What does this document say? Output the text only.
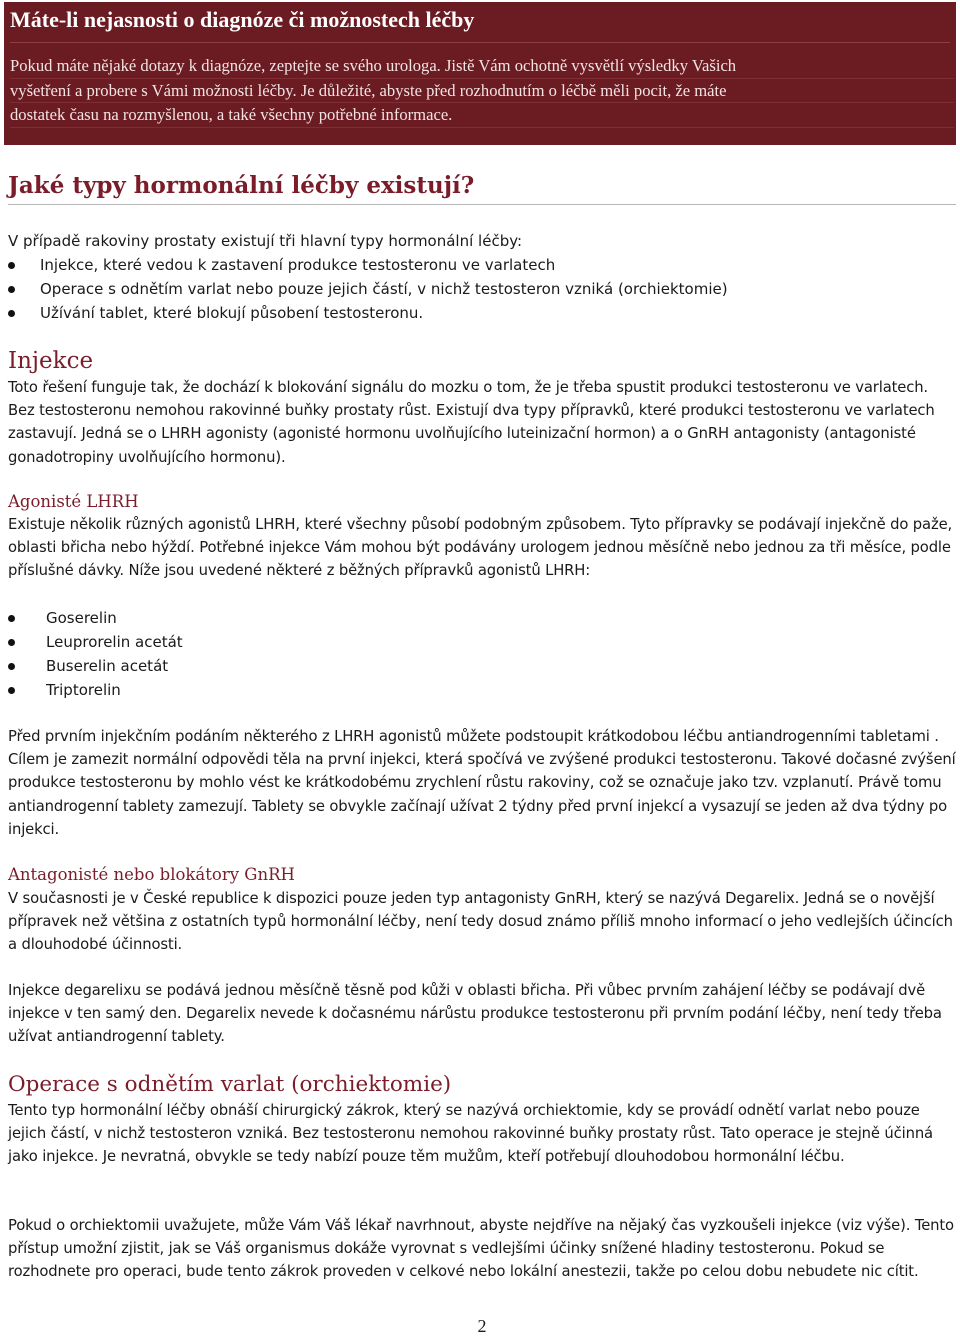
Máte-li nejasnosti o diagnóze či možnostech léčby
Pokud máte nějaké dotazy k diagnóze, zeptejte se svého urologa. Jistě Vám ochotně vysvětlí výsledky Vašich
vyšetření a probere s Vámi možnosti léčby. Je důležité, abyste před rozhodnutím o léčbě měli pocit, že máte
dostatek času na rozmyšlenou, a také všechny potřebné informace.
Jaké typy hormonální léčby existují?

V případě rakoviny prostaty existují tři hlavní typy hormonální léčby:

Injekce, které vedou k zastavení produkce testosteronu ve varlatech
Operace s odnětím varlat nebo pouze jejich částí, v nichž testosteron vzniká (orchiektomie)
Užívání tablet, které blokují působení testosteronu.
Injekce

Toto řešení funguje tak, že dochází k blokování signálu do mozku o tom, že je třeba spustit produkci testosteronu ve varlatech. Bez testosteronu nemohou rakovinné buňky prostaty růst. Existují dva typy přípravků, které produkci testosteronu ve varlatech zastavují. Jedná se o LHRH agonisty (agonisté hormonu uvolňujícího luteinizační hormon) a o GnRH antagonisty (antagonisté gonadotropiny uvolňujícího hormonu).

Agonisté LHRH

Existuje několik různých agonistů LHRH, které všechny působí podobným způsobem. Tyto přípravky se podávají injekčně do paže, oblasti břicha nebo hýždí. Potřebné injekce Vám mohou být podávány urologem jednou měsíčně nebo jednou za tři měsíce, podle příslušné dávky. Níže jsou uvedené některé z běžných přípravků agonistů LHRH:

Goserelin
Leuprorelin acetát
Buserelin acetát
Triptorelin

Před prvním injekčním podáním některého z LHRH agonistů můžete podstoupit krátkodobou léčbu antiandrogenními tabletami . Cílem je zamezit normální odpovědi těla na první injekci, která spočívá ve zvýšené produkci testosteronu. Takové dočasné zvýšení produkce testosteronu by mohlo vést ke krátkodobému zrychlení růstu rakoviny, což se označuje jako tzv. vzplanutí. Právě tomu antiandrogenní tablety zamezují. Tablety se obvykle začínají užívat 2 týdny před první injekcí a vysazují se jeden až dva týdny po injekci.

Antagonisté nebo blokátory GnRH

V současnosti je v České republice k dispozici pouze jeden typ antagonisty GnRH, který se nazývá Degarelix. Jedná se o novější přípravek než většina z ostatních typů hormonální léčby, není tedy dosud známo příliš mnoho informací o jeho vedlejších účincích a dlouhodobé účinnosti.

Injekce degarelixu se podává jednou měsíčně těsně pod kůži v oblasti břicha. Při vůbec prvním zahájení léčby se podávají dvě injekce v ten samý den. Degarelix nevede k dočasnému nárůstu produkce testosteronu při prvním podání léčby, není tedy třeba užívat antiandrogenní tablety.

Operace s odnětím varlat (orchiektomie)

Tento typ hormonální léčby obnáší chirurgický zákrok, který se nazývá orchiektomie, kdy se provádí odnětí varlat nebo pouze jejich částí, v nichž testosteron vzniká. Bez testosteronu nemohou rakovinné buňky prostaty růst. Tato operace je stejně účinná jako injekce. Je nevratná, obvykle se tedy nabízí pouze těm mužům, kteří potřebují dlouhodobou hormonální léčbu.

Pokud o orchiektomii uvažujete, může Vám Váš lékař navrhnout, abyste nejdříve na nějaký čas vyzkoušeli injekce (viz výše). Tento přístup umožní zjistit, jak se Váš organismus dokáže vyrovnat s vedlejšími účinky snížené hladiny testosteronu. Pokud se rozhodnete pro operaci, bude tento zákrok proveden v celkové nebo lokální anestezii, takže po celou dobu nebudete nic cítit.

2
